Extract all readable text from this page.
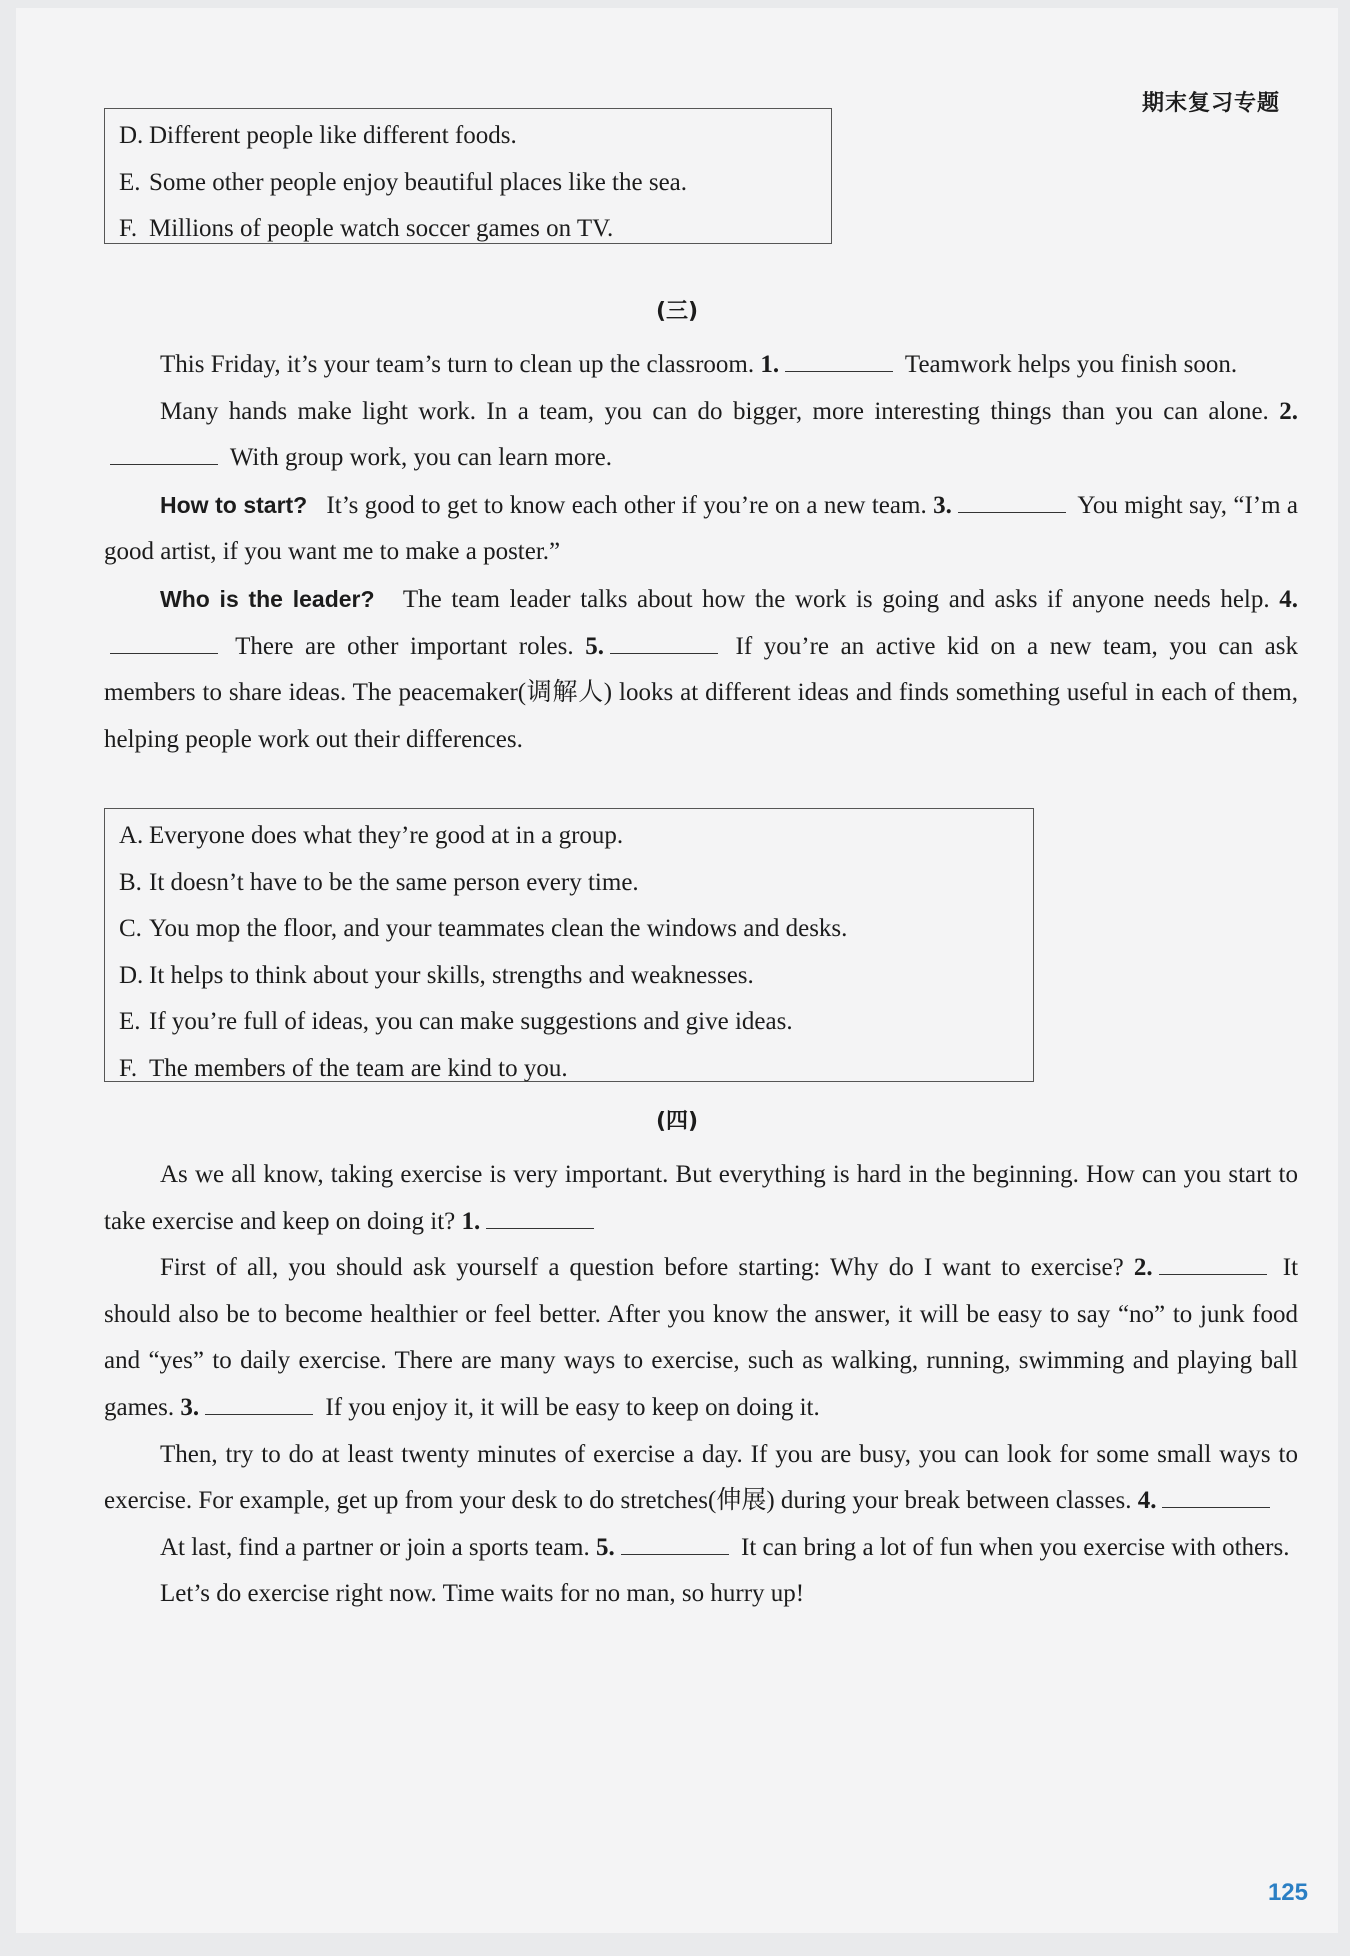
期末复习专题
D. Different people like different foods.
E. Some other people enjoy beautiful places like the sea.
F. Millions of people watch soccer games on TV.
(三)

This Friday, it’s your team’s turn to clean up the classroom. 1.	Teamwork helps you finish soon.

Many hands make light work. In a team, you can do bigger, more interesting things than you can alone. 2. With group work, you can learn more.

How to start? It’s good to get to know each other if you’re on a new team. 3.	You might say, “I’m a good artist, if you want me to make a poster.”

Who is the leader? The team leader talks about how the work is going and asks if anyone needs help. 4. There are other important roles. 5.	If you’re an active kid on a new team, you can ask members to share ideas. The peacemaker(调解人) looks at different ideas and finds something useful in each of them, helping people work out their differences.

A. Everyone does what they’re good at in a group.
B. It doesn’t have to be the same person every time.
C. You mop the floor, and your teammates clean the windows and desks.
D. It helps to think about your skills, strengths and weaknesses.
E. If you’re full of ideas, you can make suggestions and give ideas.
F. The members of the team are kind to you.
(四)

As we all know, taking exercise is very important. But everything is hard in the beginning. How can you start to take exercise and keep on doing it? 1.

First of all, you should ask yourself a question before starting: Why do I want to exercise? 2.	It should also be to become healthier or feel better. After you know the answer, it will be easy to say “no” to junk food and “yes” to daily exercise. There are many ways to exercise, such as walking, running, swimming and playing ball games. 3.	If you enjoy it, it will be easy to keep on doing it.

Then, try to do at least twenty minutes of exercise a day. If you are busy, you can look for some small ways to exercise. For example, get up from your desk to do stretches(伸展) during your break between classes. 4.

At last, find a partner or join a sports team. 5.	It can bring a lot of fun when you exercise with others.

Let’s do exercise right now. Time waits for no man, so hurry up!

125
